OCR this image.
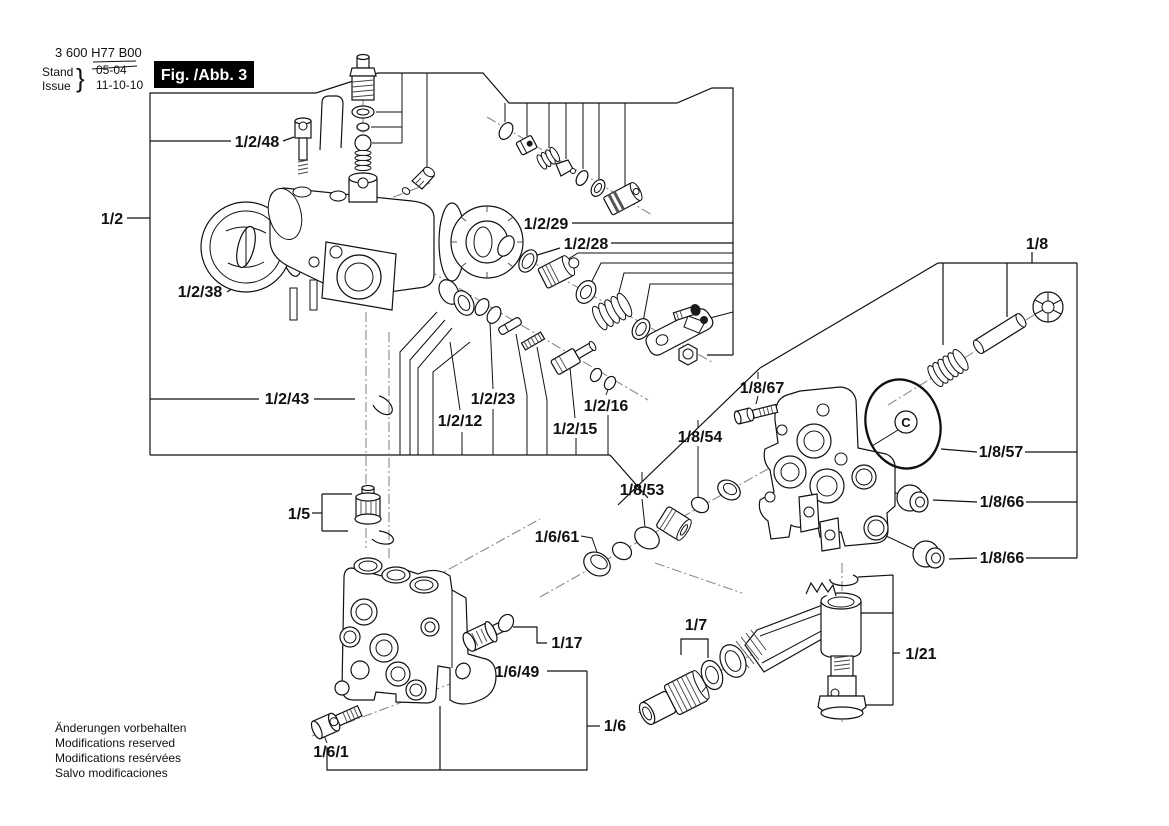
3 600 H77 B00
Stand
Issue } 05-04
11-10-10
Fig. /Abb. 3
Änderungen vorbehalten
Modifications reserved
Modifications resérvées
Salvo modificaciones
C
1/2
1/2/48
1/2/38
1/2/43
1/2/29
1/2/28
1/2/12
1/2/23
1/2/15
1/2/16
1/5
1/6/61
1/17
1/6/49
1/6
1/6/1
1/7
1/21
1/8
1/8/67
1/8/54
1/8/53
1/8/57
1/8/66
1/8/66
